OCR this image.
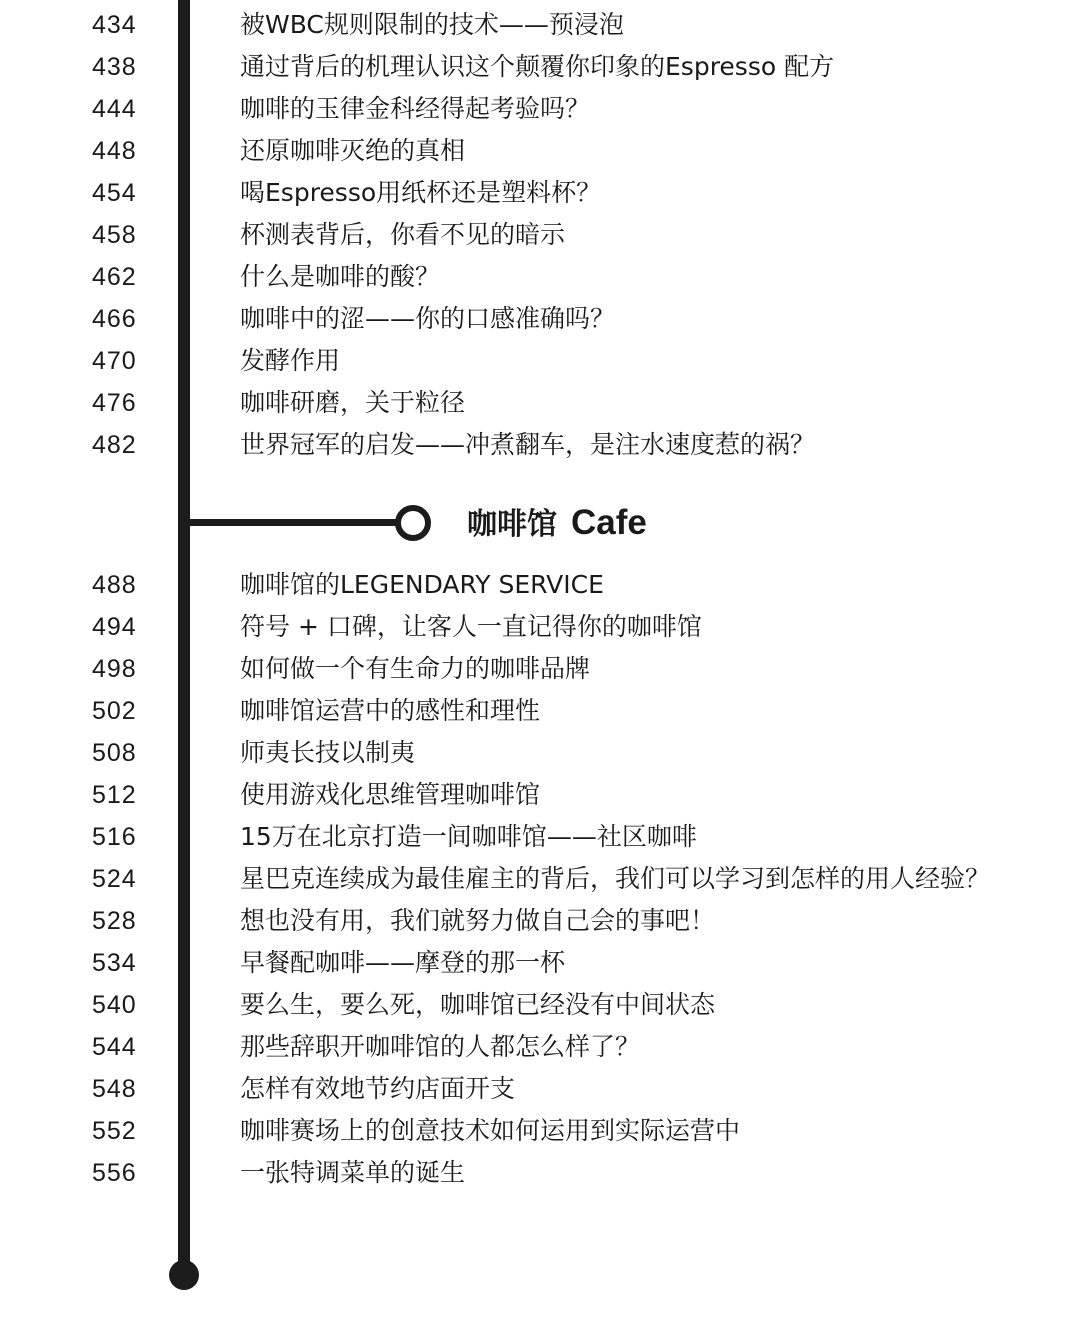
434	被WBC规则限制的技术——预浸泡
438	通过背后的机理认识这个颠覆你印象的Espresso 配方
444	咖啡的玉律金科经得起考验吗？
448	还原咖啡灭绝的真相
454	喝Espresso用纸杯还是塑料杯？
458	杯测表背后，你看不见的暗示
462	什么是咖啡的酸？
466	咖啡中的涩——你的口感准确吗？
470	发酵作用
476	咖啡研磨，关于粒径
482	世界冠军的启发——冲煮翻车，是注水速度惹的祸？
咖啡馆 Cafe
488	咖啡馆的LEGENDARY SERVICE
494	符号 + 口碑，让客人一直记得你的咖啡馆
498	如何做一个有生命力的咖啡品牌
502	咖啡馆运营中的感性和理性
508	师夷长技以制夷
512	使用游戏化思维管理咖啡馆
516	15万在北京打造一间咖啡馆——社区咖啡
524	星巴克连续成为最佳雇主的背后，我们可以学习到怎样的用人经验？
528	想也没有用，我们就努力做自己会的事吧！
534	早餐配咖啡——摩登的那一杯
540	要么生，要么死，咖啡馆已经没有中间状态
544	那些辞职开咖啡馆的人都怎么样了？
548	怎样有效地节约店面开支
552	咖啡赛场上的创意技术如何运用到实际运营中
556	一张特调菜单的诞生
